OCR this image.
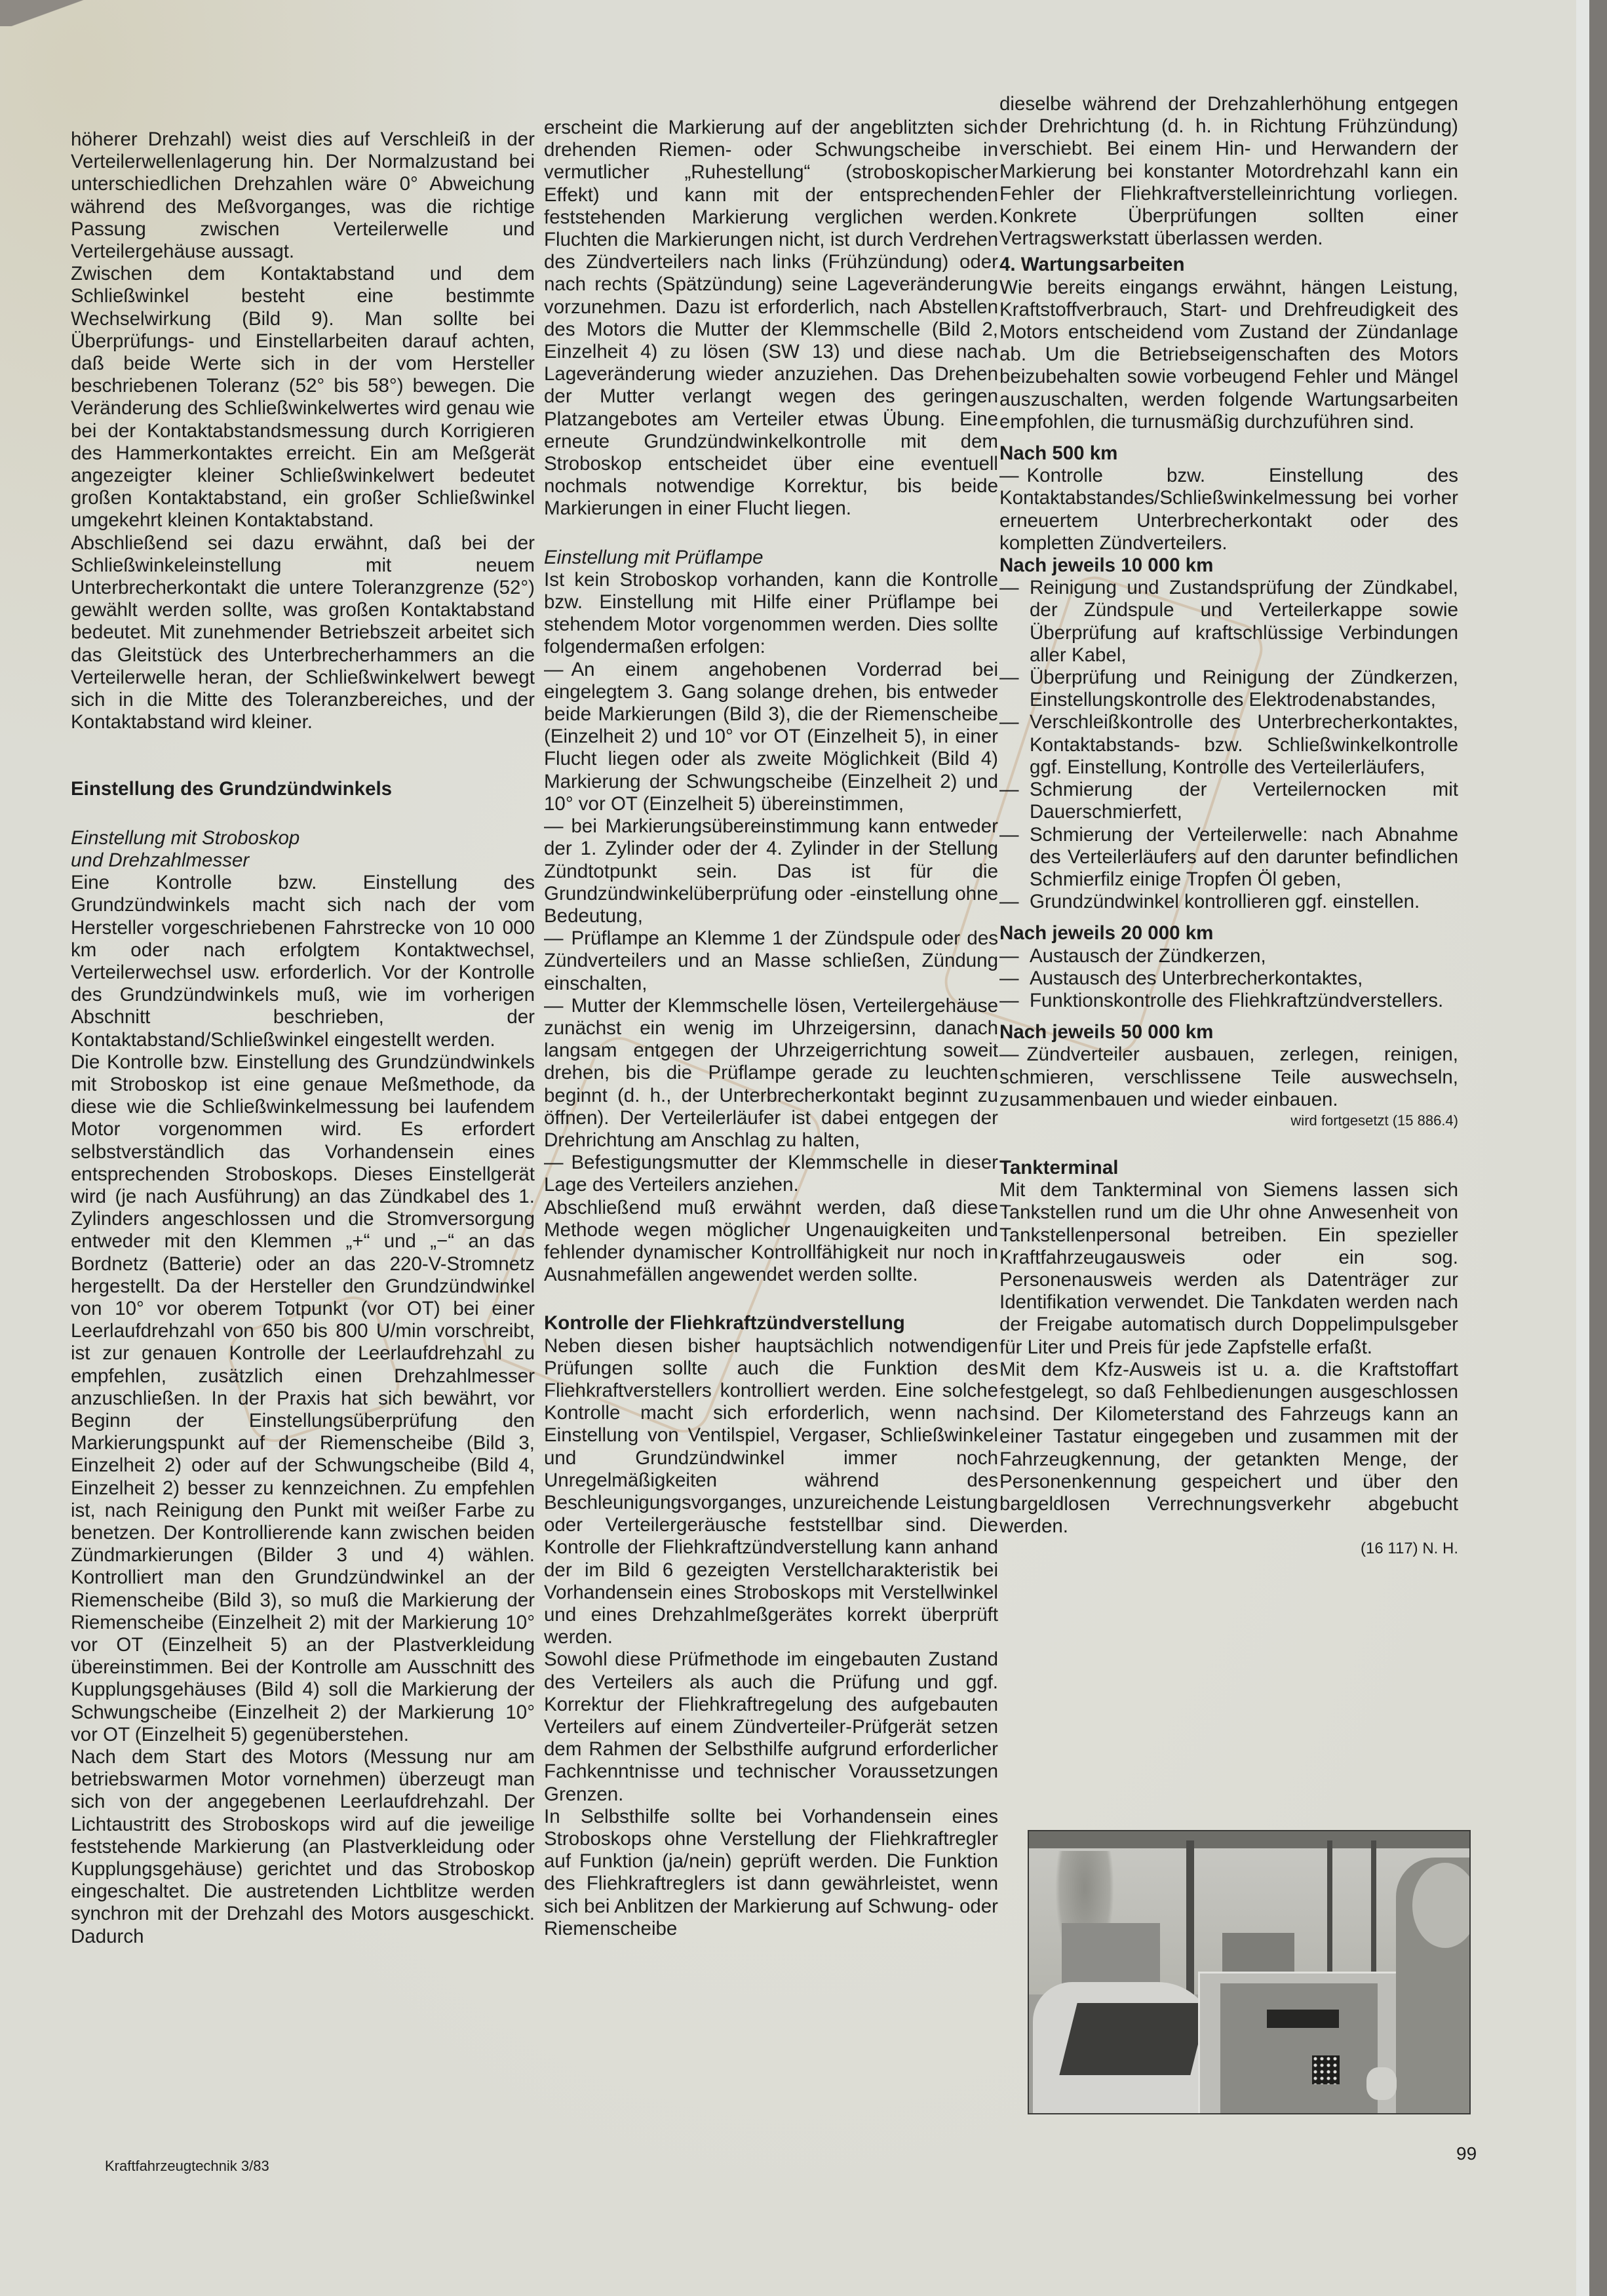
höherer Drehzahl) weist dies auf Verschleiß in der Verteilerwellenlagerung hin. Der Normalzustand bei unterschiedlichen Drehzahlen wäre 0° Abweichung während des Meßvorganges, was die richtige Passung zwischen Verteilerwelle und Verteilergehäuse aussagt.

Zwischen dem Kontaktabstand und dem Schließwinkel besteht eine bestimmte Wechselwirkung (Bild 9). Man sollte bei Überprüfungs- und Einstellarbeiten darauf achten, daß beide Werte sich in der vom Hersteller beschriebenen Toleranz (52° bis 58°) bewegen. Die Veränderung des Schließwinkelwertes wird genau wie bei der Kontaktabstandsmessung durch Korrigieren des Hammerkontaktes erreicht. Ein am Meßgerät angezeigter kleiner Schließwinkelwert bedeutet großen Kontaktabstand, ein großer Schließwinkel umgekehrt kleinen Kontaktabstand.

Abschließend sei dazu erwähnt, daß bei der Schließwinkeleinstellung mit neuem Unterbrecherkontakt die untere Toleranzgrenze (52°) gewählt werden sollte, was großen Kontaktabstand bedeutet. Mit zunehmender Betriebszeit arbeitet sich das Gleitstück des Unterbrecherhammers an die Verteilerwelle heran, der Schließwinkelwert bewegt sich in die Mitte des Toleranzbereiches, und der Kontaktabstand wird kleiner.

Einstellung des Grundzündwinkels
Einstellung mit Stroboskop
und Drehzahlmesser

Eine Kontrolle bzw. Einstellung des Grundzündwinkels macht sich nach der vom Hersteller vorgeschriebenen Fahrstrecke von 10 000 km oder nach erfolgtem Kontaktwechsel, Verteilerwechsel usw. erforderlich. Vor der Kontrolle des Grundzündwinkels muß, wie im vorherigen Abschnitt beschrieben, der Kontaktabstand/Schließwinkel eingestellt werden.

Die Kontrolle bzw. Einstellung des Grundzündwinkels mit Stroboskop ist eine genaue Meßmethode, da diese wie die Schließwinkelmessung bei laufendem Motor vorgenommen wird. Es erfordert selbstverständlich das Vorhandensein eines entsprechenden Stroboskops. Dieses Einstellgerät wird (je nach Ausführung) an das Zündkabel des 1. Zylinders angeschlossen und die Stromversorgung entweder mit den Klemmen „+“ und „−“ an das Bordnetz (Batterie) oder an das 220-V-Stromnetz hergestellt. Da der Hersteller den Grundzündwinkel von 10° vor oberem Totpunkt (vor OT) bei einer Leerlaufdrehzahl von 650 bis 800 U/min vorschreibt, ist zur genauen Kontrolle der Leerlaufdrehzahl zu empfehlen, zusätzlich einen Drehzahlmesser anzuschließen. In der Praxis hat sich bewährt, vor Beginn der Einstellungsüberprüfung den Markierungspunkt auf der Riemenscheibe (Bild 3, Einzelheit 2) oder auf der Schwungscheibe (Bild 4, Einzelheit 2) besser zu kennzeichnen. Zu empfehlen ist, nach Reinigung den Punkt mit weißer Farbe zu benetzen. Der Kontrollierende kann zwischen beiden Zündmarkierungen (Bilder 3 und 4) wählen. Kontrolliert man den Grundzündwinkel an der Riemenscheibe (Bild 3), so muß die Markierung der Riemenscheibe (Einzelheit 2) mit der Markierung 10° vor OT (Einzelheit 5) an der Plastverkleidung übereinstimmen. Bei der Kontrolle am Ausschnitt des Kupplungsgehäuses (Bild 4) soll die Markierung der Schwungscheibe (Einzelheit 2) der Markierung 10° vor OT (Einzelheit 5) gegenüberstehen.

Nach dem Start des Motors (Messung nur am betriebswarmen Motor vornehmen) überzeugt man sich von der angegebenen Leerlaufdrehzahl. Der Lichtaustritt des Stroboskops wird auf die jeweilige feststehende Markierung (an Plastverkleidung oder Kupplungsgehäuse) gerichtet und das Stroboskop eingeschaltet. Die austretenden Lichtblitze werden synchron mit der Drehzahl des Motors ausgeschickt. Dadurch

erscheint die Markierung auf der angeblitzten sich drehenden Riemen- oder Schwungscheibe in vermutlicher „Ruhestellung“ (stroboskopischer Effekt) und kann mit der entsprechenden feststehenden Markierung verglichen werden. Fluchten die Markierungen nicht, ist durch Verdrehen des Zündverteilers nach links (Frühzündung) oder nach rechts (Spätzündung) seine Lageveränderung vorzunehmen. Dazu ist erforderlich, nach Abstellen des Motors die Mutter der Klemmschelle (Bild 2, Einzelheit 4) zu lösen (SW 13) und diese nach Lageveränderung wieder anzuziehen. Das Drehen der Mutter verlangt wegen des geringen Platzangebotes am Verteiler etwas Übung. Eine erneute Grundzündwinkelkontrolle mit dem Stroboskop entscheidet über eine eventuell nochmals notwendige Korrektur, bis beide Markierungen in einer Flucht liegen.

Einstellung mit Prüflampe

Ist kein Stroboskop vorhanden, kann die Kontrolle bzw. Einstellung mit Hilfe einer Prüflampe bei stehendem Motor vorgenommen werden. Dies sollte folgendermaßen erfolgen:

— An einem angehobenen Vorderrad bei eingelegtem 3. Gang solange drehen, bis entweder beide Markierungen (Bild 3), die der Riemenscheibe (Einzelheit 2) und 10° vor OT (Einzelheit 5), in einer Flucht liegen oder als zweite Möglichkeit (Bild 4) Markierung der Schwungscheibe (Einzelheit 2) und 10° vor OT (Einzelheit 5) übereinstimmen,
— bei Markierungsübereinstimmung kann entweder der 1. Zylinder oder der 4. Zylinder in der Stellung Zündtotpunkt sein. Das ist für die Grundzündwinkelüberprüfung oder -einstellung ohne Bedeutung,
— Prüflampe an Klemme 1 der Zündspule oder des Zündverteilers und an Masse schließen, Zündung einschalten,
— Mutter der Klemmschelle lösen, Verteilergehäuse zunächst ein wenig im Uhrzeigersinn, danach langsam entgegen der Uhrzeigerrichtung soweit drehen, bis die Prüflampe gerade zu leuchten beginnt (d. h., der Unterbrecherkontakt beginnt zu öffnen). Der Verteilerläufer ist dabei entgegen der Drehrichtung am Anschlag zu halten,
— Befestigungsmutter der Klemmschelle in dieser Lage des Verteilers anziehen.

Abschließend muß erwähnt werden, daß diese Methode wegen möglicher Ungenauigkeiten und fehlender dynamischer Kontrollfähigkeit nur noch in Ausnahmefällen angewendet werden sollte.

Kontrolle der Fliehkraftzündverstellung

Neben diesen bisher hauptsächlich notwendigen Prüfungen sollte auch die Funktion des Fliehkraftverstellers kontrolliert werden. Eine solche Kontrolle macht sich erforderlich, wenn nach Einstellung von Ventilspiel, Vergaser, Schließwinkel und Grundzündwinkel immer noch Unregelmäßigkeiten während des Beschleunigungsvorganges, unzureichende Leistung oder Verteilergeräusche feststellbar sind. Die Kontrolle der Fliehkraftzündverstellung kann anhand der im Bild 6 gezeigten Verstellcharakteristik bei Vorhandensein eines Stroboskops mit Verstellwinkel und eines Drehzahlmeßgerätes korrekt überprüft werden.

Sowohl diese Prüfmethode im eingebauten Zustand des Verteilers als auch die Prüfung und ggf. Korrektur der Fliehkraftregelung des aufgebauten Verteilers auf einem Zündverteiler-Prüfgerät setzen dem Rahmen der Selbsthilfe aufgrund erforderlicher Fachkenntnisse und technischer Voraussetzungen Grenzen.

In Selbsthilfe sollte bei Vorhandensein eines Stroboskops ohne Verstellung der Fliehkraftregler auf Funktion (ja/nein) geprüft werden. Die Funktion des Fliehkraftreglers ist dann gewährleistet, wenn sich bei Anblitzen der Markierung auf Schwung- oder Riemenscheibe

dieselbe während der Drehzahlerhöhung entgegen der Drehrichtung (d. h. in Richtung Frühzündung) verschiebt. Bei einem Hin- und Herwandern der Markierung bei konstanter Motordrehzahl kann ein Fehler der Fliehkraftverstelleinrichtung vorliegen. Konkrete Überprüfungen sollten einer Vertragswerkstatt überlassen werden.

4. Wartungsarbeiten

Wie bereits eingangs erwähnt, hängen Leistung, Kraftstoffverbrauch, Start- und Drehfreudigkeit des Motors entscheidend vom Zustand der Zündanlage ab. Um die Betriebseigenschaften des Motors beizubehalten sowie vorbeugend Fehler und Mängel auszuschalten, werden folgende Wartungsarbeiten empfohlen, die turnusmäßig durchzuführen sind.

Nach 500 km
— Kontrolle bzw. Einstellung des Kontaktabstandes/Schließwinkelmessung bei vorher erneuertem Unterbrecherkontakt oder des kompletten Zündverteilers.
Nach jeweils 10 000 km
— Reinigung und Zustandsprüfung der Zündkabel, der Zündspule und Verteilerkappe sowie Überprüfung auf kraftschlüssige Verbindungen aller Kabel,
— Überprüfung und Reinigung der Zündkerzen, Einstellungskontrolle des Elektrodenabstandes,
— Verschleißkontrolle des Unterbrecherkontaktes, Kontaktabstands- bzw. Schließwinkelkontrolle ggf. Einstellung, Kontrolle des Verteilerläufers,
— Schmierung der Verteilernocken mit Dauerschmierfett,
— Schmierung der Verteilerwelle: nach Abnahme des Verteilerläufers auf den darunter befindlichen Schmierfilz einige Tropfen Öl geben,
— Grundzündwinkel kontrollieren ggf. einstellen.
Nach jeweils 20 000 km
— Austausch der Zündkerzen,
— Austausch des Unterbrecherkontaktes,
— Funktionskontrolle des Fliehkraftzündverstellers.
Nach jeweils 50 000 km
— Zündverteiler ausbauen, zerlegen, reinigen, schmieren, verschlissene Teile auswechseln, zusammenbauen und wieder einbauen.
wird fortgesetzt (15 886.4)
Tankterminal

Mit dem Tankterminal von Siemens lassen sich Tankstellen rund um die Uhr ohne Anwesenheit von Tankstellenpersonal betreiben. Ein spezieller Kraftfahrzeugausweis oder ein sog. Personenausweis werden als Datenträger zur Identifikation verwendet. Die Tankdaten werden nach der Freigabe automatisch durch Doppelimpulsgeber für Liter und Preis für jede Zapfstelle erfaßt.

Mit dem Kfz-Ausweis ist u. a. die Kraftstoffart festgelegt, so daß Fehlbedienungen ausgeschlossen sind. Der Kilometerstand des Fahrzeugs kann an einer Tastatur eingegeben und zusammen mit der Fahrzeugkennung, der getankten Menge, der Personenkennung gespeichert und über den bargeldlosen Verrechnungsverkehr abgebucht werden.

(16 117) N. H.
Kraftfahrzeugtechnik 3/83
99
